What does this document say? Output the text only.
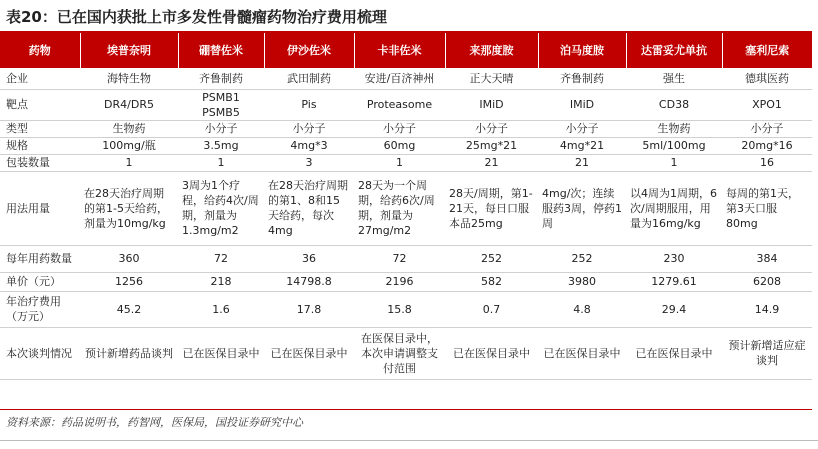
表20：已在国内获批上市多发性骨髓瘤药物治疗费用梳理
药物	埃普奈明	硼替佐米	伊沙佐米	卡非佐米	来那度胺	泊马度胺	达雷妥尤单抗	塞利尼索
企业	海特生物	齐鲁制药	武田制药	安进/百济神州	正大天晴	齐鲁制药	强生	德琪医药
靶点	DR4/DR5	PSMB1 PSMB5	Pis	Proteasome	IMiD	IMiD	CD38	XPO1
类型	生物药	小分子	小分子	小分子	小分子	小分子	生物药	小分子
规格	100mg/瓶	3.5mg	4mg*3	60mg	25mg*21	4mg*21	5ml/100mg	20mg*16
包装数量	1	1	3	1	21	21	1	16
用法用量	在28天治疗周期的第1-5天给药，剂量为10mg/kg	3周为1个疗程，给药4次/周期，剂量为1.3mg/m2	在28天治疗周期的第1、8和15天给药，每次4mg	28天为一个周期，给药6次/周期，剂量为27mg/m2	28天/周期，第1-21天，每日口服本品25mg	4mg/次；连续服药3周，停药1周	以4周为1周期，6次/周期服用，用量为16mg/kg	每周的第1天，第3天口服80mg
每年用药数量	360	72	36	72	252	252	230	384
单价（元）	1256	218	14798.8	2196	582	3980	1279.61	6208
年治疗费用（万元）	45.2	1.6	17.8	15.8	0.7	4.8	29.4	14.9
本次谈判情况	预计新增药品谈判	已在医保目录中	已在医保目录中	在医保目录中，本次申请调整支付范围	已在医保目录中	已在医保目录中	已在医保目录中	预计新增适应症谈判
资料来源：药品说明书，药智网，医保局，国投证券研究中心
